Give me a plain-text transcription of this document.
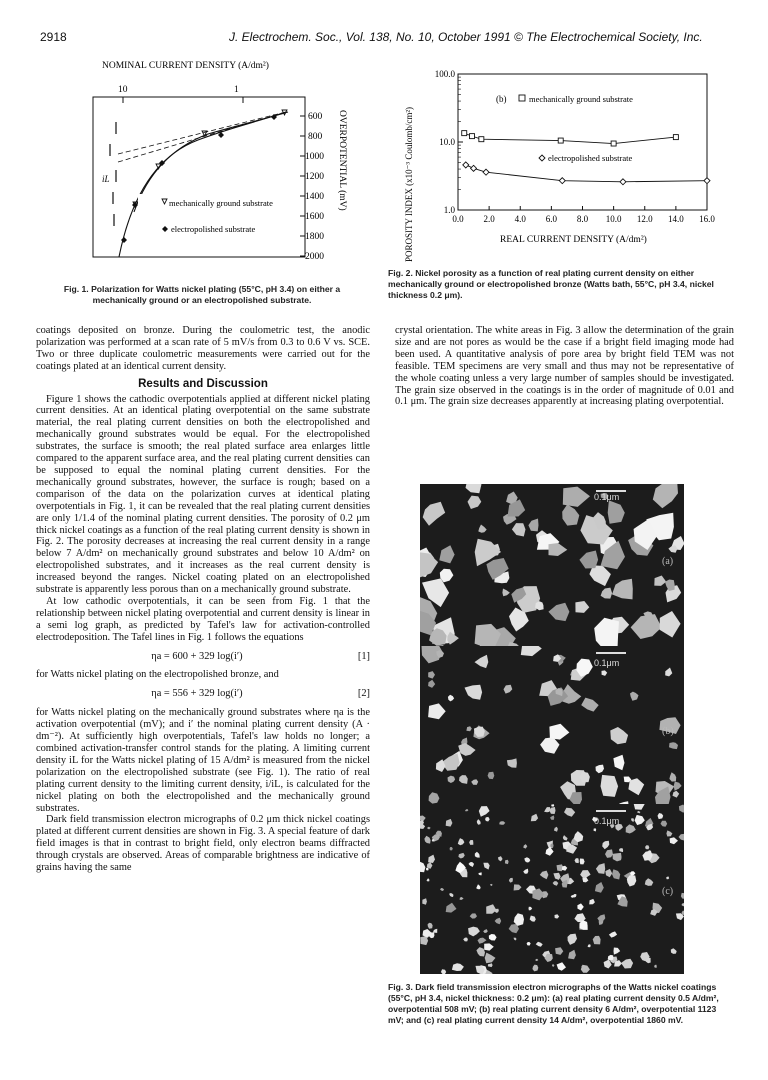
2918	J. Electrochem. Soc., Vol. 138, No. 10, October 1991 © The Electrochemical Society, Inc.
NOMINAL CURRENT DENSITY (A/dm²)
10	1
600
800
1000
1200
1400
1600
1800
2000
OVERPOTENTIAL (mV)
iL
mechanically ground substrate
electropolished substrate
Fig. 1. Polarization for Watts nickel plating (55°C, pH 3.4) on either a mechanically ground or an electropolished substrate.
POROSITY INDEX (x10⁻³ Coulomb/cm²)	0.0 2.0 4.0 6.0 8.0 10.0 12.0 14.0 16.0
100.0
10.0
1.0
(b)	mechanically ground substrate
electropolished substrate
REAL CURRENT DENSITY (A/dm²)
Fig. 2. Nickel porosity as a function of real plating current density on either mechanically ground or electropolished bronze (Watts bath, 55°C, pH 3.4, nickel thickness 0.2 μm).

coatings deposited on bronze. During the coulometric test, the anodic polarization was performed at a scan rate of 5 mV/s from 0.3 to 0.6 V vs. SCE. Two or three duplicate coulometric measurements were carried out for the coatings plated at an identical current density.

Results and Discussion

Figure 1 shows the cathodic overpotentials applied at different nickel plating current densities. At an identical plating overpotential on the same substrate material, the real plating current densities on both the electropolished and mechanically ground substrates would be equal. For the electropolished substrates, the surface is smooth; the real plated surface area enlarges little compared to the apparent surface area, and the real plating current densities can be supposed to equal the nominal plating current densities. For the mechanically ground substrates, however, the surface is rough; based on a comparison of the data on the polarization curves at identical plating overpotentials in Fig. 1, it can be revealed that the real plating current densities are only 1/1.4 of the nominal plating current densities. The porosity of 0.2 μm thick nickel coatings as a function of the real plating current density is shown in Fig. 2. The porosity decreases at increasing the real current density in a range below 7 A/dm² on mechanically ground substrates and below 10 A/dm² on electropolished substrates, and it increases as the real current density is increased beyond the ranges. Nickel coating plated on an electropolished substrate is apparently less porous than on a mechanically ground substrate.

At low cathodic overpotentials, it can be seen from Fig. 1 that the relationship between nickel plating overpotential and current density is linear in a semi log graph, as predicted by Tafel's law for activation-controlled electrodeposition. The Tafel lines in Fig. 1 follows the equations

ηa = 600 + 329 log(i′)	[1]

for Watts nickel plating on the electropolished bronze, and

ηa = 556 + 329 log(i′)	[2]

for Watts nickel plating on the mechanically ground substrates where ηa is the activation overpotential (mV); and i′ the nominal plating current density (A · dm⁻²). At sufficiently high overpotentials, Tafel's law holds no longer; a combined activation-transfer control stands for the plating. A limiting current density iL for the Watts nickel plating of 15 A/dm² is measured from the nickel polarization on the electropolished substrate (see Fig. 1). The ratio of real plating current density to the limiting current density, i/iL, is calculated for the nickel plating on both the electropolished and the mechanically ground substrates.

Dark field transmission electron micrographs of 0.2 μm thick nickel coatings plated at different current densities are shown in Fig. 3. A special feature of dark field images is that in contrast to bright field, only electron beams diffracted through crystals are observed. Areas of comparable brightness are indicative of grains having the same

crystal orientation. The white areas in Fig. 3 allow the determination of the grain size and are not pores as would be the case if a bright field imaging mode had been used. A quantitative analysis of pore area by bright field TEM was not feasible. TEM specimens are very small and thus may not be representative of the whole coating unless a very large number of samples should be investigated. The grain size observed in the coatings is in the order of magnitude of 0.01 and 0.1 μm. The grain size decreases apparently at increasing plating overpotential.

0.1μm
(a)
0.1μm
(b)
0.1μm
(c)
Fig. 3. Dark field transmission electron micrographs of the Watts nickel coatings (55°C, pH 3.4, nickel thickness: 0.2 μm): (a) real plating current density 0.5 A/dm², overpotential 508 mV; (b) real plating current density 6 A/dm², overpotential 1123 mV; and (c) real plating current density 14 A/dm², overpotential 1860 mV.
